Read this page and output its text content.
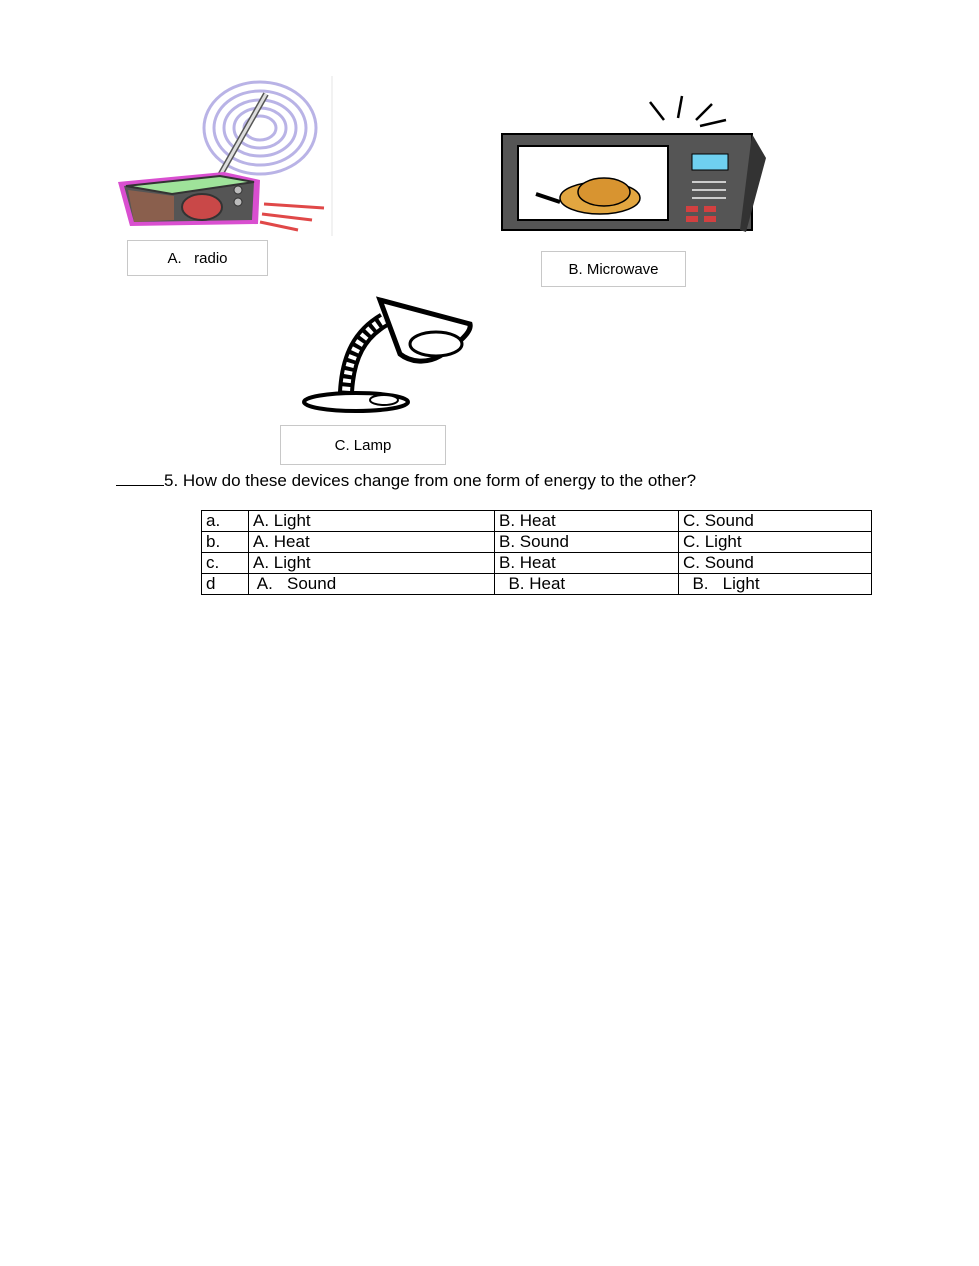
A.   radio
B. Microwave
C. Lamp
5. How do these devices change from one form of energy to the other?
a.	A. Light	B. Heat	C. Sound
b.	A. Heat	B. Sound	C. Light
c.	A. Light	B. Heat	C. Sound
d	A.   Sound	B. Heat	B.   Light
